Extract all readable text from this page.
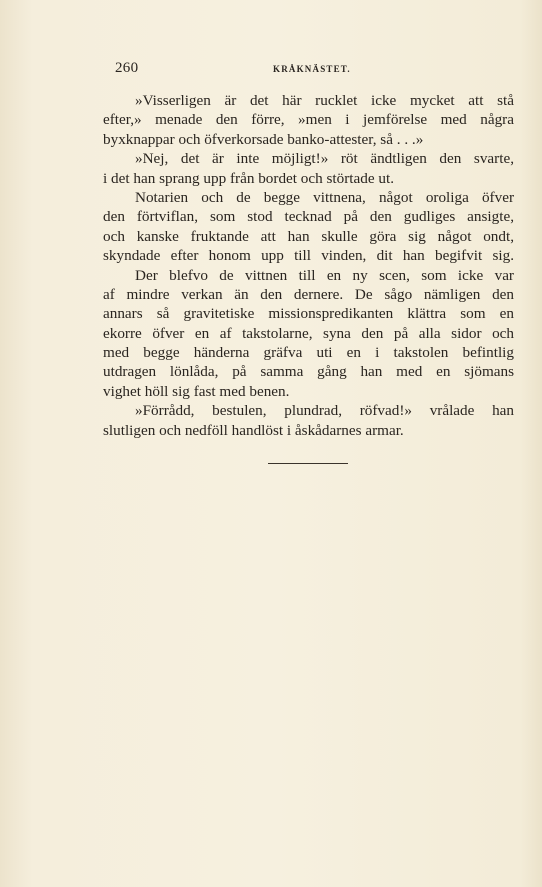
260	KRÅKNÄSTET.
»Visserligen är det här rucklet icke mycket att stå
efter,» menade den förre, »men i jemförelse med några
byxknappar och öfverkorsade banko-attester, så . . .»
»Nej, det är inte möjligt!» röt ändtligen den svarte,
i det han sprang upp från bordet och störtade ut.
Notarien och de begge vittnena, något oroliga öfver
den förtviflan, som stod tecknad på den gudliges ansigte,
och kanske fruktande att han skulle göra sig något ondt,
skyndade efter honom upp till vinden, dit han begifvit sig.
Der blefvo de vittnen till en ny scen, som icke var
af mindre verkan än den dernere. De sågo nämligen den
annars så gravitetiske missionspredikanten klättra som en
ekorre öfver en af takstolarne, syna den på alla sidor och
med begge händerna gräfva uti en i takstolen befintlig
utdragen lönlåda, på samma gång han med en sjömans
vighet höll sig fast med benen.
»Förrådd, bestulen, plundrad, röfvad!» vrålade han
slutligen och nedföll handlöst i åskådarnes armar.
